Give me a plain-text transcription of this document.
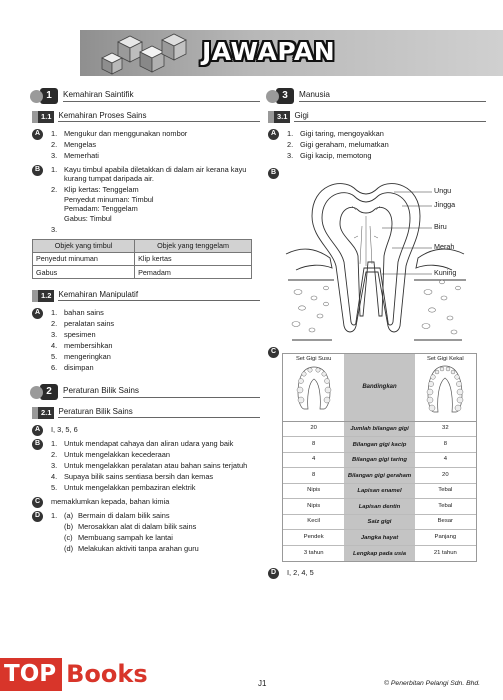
JAWAPAN
1 Kemahiran Saintifik
1.1 Kemahiran Proses Sains
A	1. Mengukur dan menggunakan nombor
2. Mengelas
3. Memerhati
B	1. Kayu timbul apabila diletakkan di dalam air kerana kayu kurang tumpat daripada air.
2. Klip kertas: Tenggelam
Penyedut minuman: Timbul
Pemadam: Tenggelam
Gabus: Timbul
3.
Objek yang timbul	Objek yang tenggelam
Penyedut minuman	Klip kertas
Gabus	Pemadam
1.2 Kemahiran Manipulatif
A	1. bahan sains
2. peralatan sains
3. spesimen
4. membersihkan
5. mengeringkan
6. disimpan
2 Peraturan Bilik Sains
2.1 Peraturan Bilik Sains
A	I, 3, 5, 6
B	1. Untuk mendapat cahaya dan aliran udara yang baik
2. Untuk mengelakkan kecederaan
3. Untuk mengelakkan peralatan atau bahan sains terjatuh
4. Supaya bilik sains sentiasa bersih dan kemas
5. Untuk mengelakkan pembaziran elektrik
C	memaklumkan kepada, bahan kimia
D	1. (a) Bermain di dalam bilik sains
(b) Merosakkan alat di dalam bilik sains
(c) Membuang sampah ke lantai
(d) Melakukan aktiviti tanpa arahan guru
3 Manusia
3.1 Gigi
A	1. Gigi taring, mengoyakkan
2. Gigi geraham, melumatkan
3. Gigi kacip, memotong
B
Ungu
Jingga
Biru
Merah
Kuning
C
Set Gigi Susu
Bandingkan
Set Gigi Kekal
20	Jumlah bilangan gigi	32
8	Bilangan gigi kacip	8
4	Bilangan gigi taring	4
8	Bilangan gigi geraham	20
Nipis	Lapisan enamel	Tebal
Nipis	Lapisan dentin	Tebal
Kecil	Saiz gigi	Besar
Pendek	Jangka hayat	Panjang
3 tahun	Lengkap pada usia	21 tahun
D	I, 2, 4, 5
TOP Books	J1	© Penerbitan Pelangi Sdn. Bhd.
